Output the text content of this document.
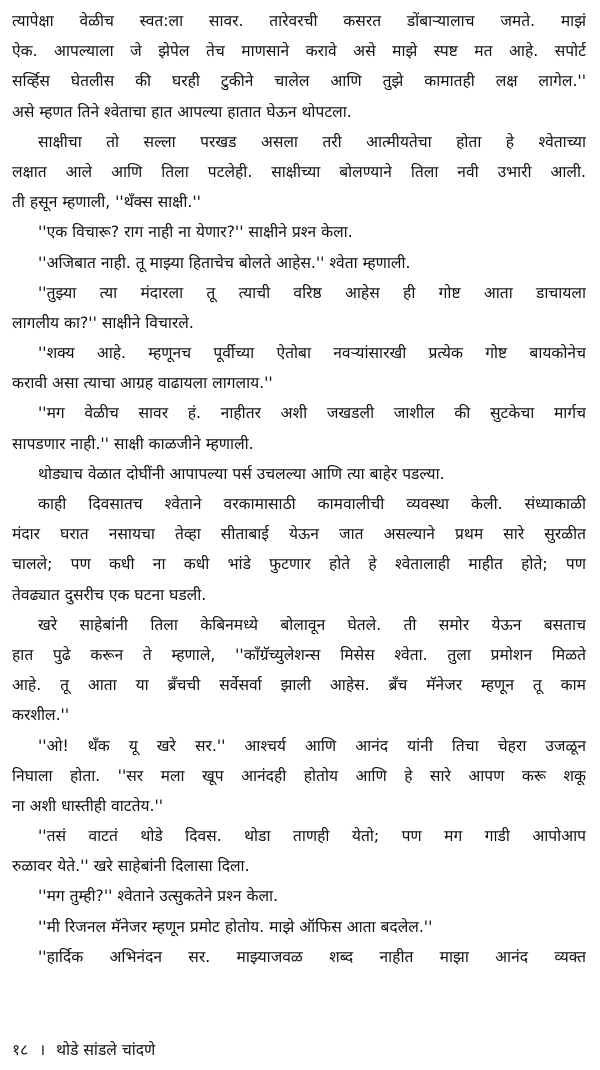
त्यापेक्षा वेळीच स्वत:ला सावर. तारेवरची कसरत डोंबाऱ्यालाच जमते. माझं
ऐक. आपल्याला जे झेपेल तेच माणसाने करावे असे माझे स्पष्ट मत आहे. सपोर्ट
सर्व्हिस घेतलीस की घरही टुकीने चालेल आणि तुझे कामातही लक्ष लागेल.''
असे म्हणत तिने श्‍वेताचा हात आपल्या हातात घेऊन थोपटला.
साक्षीचा तो सल्ला परखड असला तरी आत्मीयतेचा होता हे श्‍वेताच्या
लक्षात आले आणि तिला पटलेही. साक्षीच्या बोलण्याने तिला नवी उभारी आली.
ती हसून म्हणाली, ''थँक्स साक्षी.''
''एक विचारू? राग नाही ना येणार?'' साक्षीने प्रश्‍न केला.
''अजिबात नाही. तू माझ्या हिताचेच बोलते आहेस.'' श्‍वेता म्हणाली.
''तुझ्या त्या मंदारला तू त्याची वरिष्ठ आहेस ही गोष्ट आता डाचायला
लागलीय का?'' साक्षीने विचारले.
''शक्य आहे. म्हणूनच पूर्वीच्या ऐतोबा नवऱ्यांसारखी प्रत्येक गोष्ट बायकोनेच
करावी असा त्याचा आग्रह वाढायला लागलाय.''
''मग वेळीच सावर हं. नाहीतर अशी जखडली जाशील की सुटकेचा मार्गच
सापडणार नाही.'' साक्षी काळजीने म्हणाली.
थोड्याच वेळात दोघींनी आपापल्या पर्स उचलल्या आणि त्या बाहेर पडल्या.
काही दिवसातच श्‍वेताने वरकामासाठी कामवालीची व्यवस्था केली. संध्याकाळी
मंदार घरात नसायचा तेव्हा सीताबाई येऊन जात असल्याने प्रथम सारे सुरळीत
चालले; पण कधी ना कधी भांडे फुटणार होते हे श्‍वेतालाही माहीत होते; पण
तेवढ्यात दुसरीच एक घटना घडली.
खरे साहेबांनी तिला केबिनमध्ये बोलावून घेतले. ती समोर येऊन बसताच
हात पुढे करून ते म्हणाले, ''काँग्रॅच्युलेशन्स मिसेस श्‍वेता. तुला प्रमोशन मिळते
आहे. तू आता या ब्रँचची सर्वेसर्वा झाली आहेस. ब्रँच मॅनेजर म्हणून तू काम
करशील.''
''ओ! थँक यू खरे सर.'' आश्‍चर्य आणि आनंद यांनी तिचा चेहरा उजळून
निघाला होता. ''सर मला खूप आनंदही होतोय आणि हे सारे आपण करू शकू
ना अशी धास्तीही वाटतेय.''
''तसं वाटतं थोडे दिवस. थोडा ताणही येतो; पण मग गाडी आपोआप
रुळावर येते.'' खरे साहेबांनी दिलासा दिला.
''मग तुम्ही?'' श्‍वेताने उत्सुकतेने प्रश्‍न केला.
''मी रिजनल मॅनेजर म्हणून प्रमोट होतोय. माझे ऑफिस आता बदलेल.''
''हार्दिक अभिनंदन सर. माझ्याजवळ शब्द नाहीत माझा आनंद व्यक्त
१८ । थोडे सांडले चांदणे
